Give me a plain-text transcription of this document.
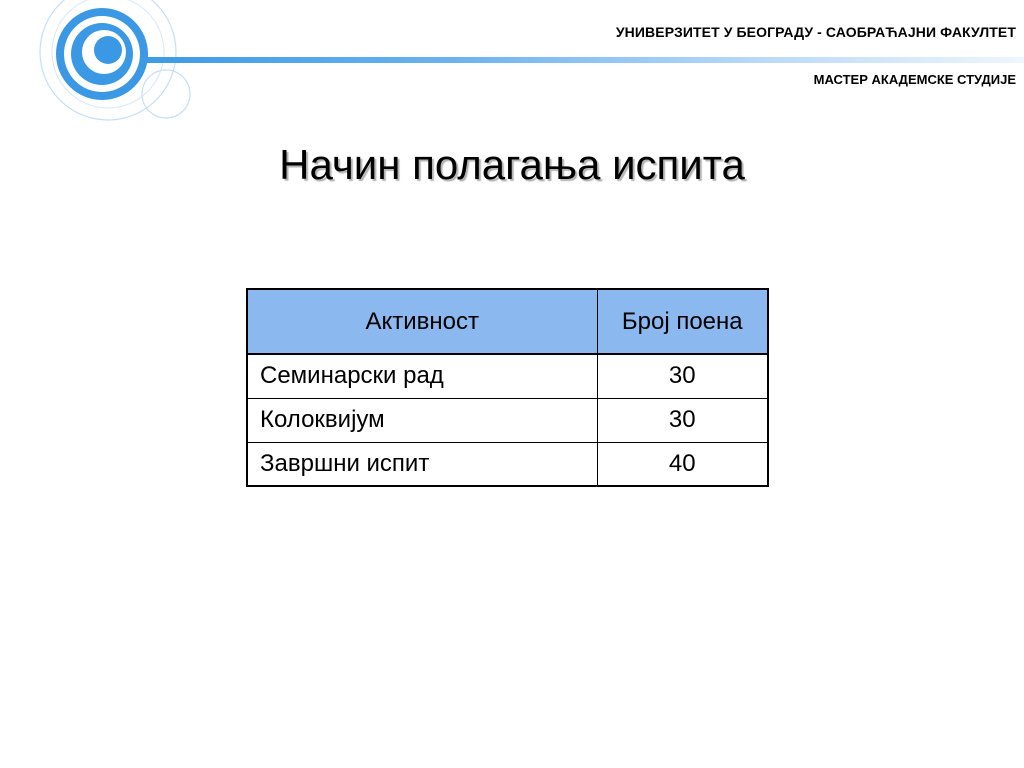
УНИВЕРЗИТЕТ У БЕОГРАДУ - САОБРАЋАЈНИ ФАКУЛТЕТ
МАСТЕР АКАДЕМСКЕ СТУДИЈЕ
Начин полагања испита
Активност	Број поена
Семинарски рад	30
Колоквијум	30
Завршни испит	40
